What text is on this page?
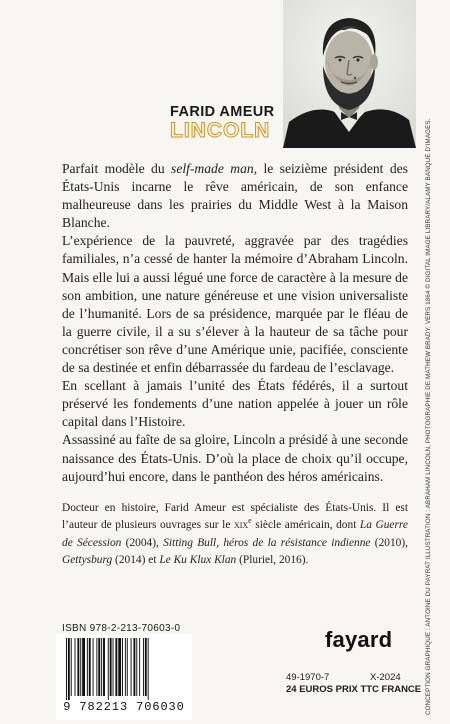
FARID AMEUR
LINCOLN

Parfait modèle du self-made man, le seizième président des États-Unis incarne le rêve américain, de son enfance malheureuse dans les prairies du Middle West à la Maison Blanche.

L’expérience de la pauvreté, aggravée par des tragédies familiales, n’a cessé de hanter la mémoire d’Abraham Lincoln. Mais elle lui a aussi légué une force de caractère à la mesure de son ambition, une nature généreuse et une vision universaliste de l’humanité. Lors de sa présidence, marquée par le fléau de la guerre civile, il a su s’élever à la hauteur de sa tâche pour concrétiser son rêve d’une Amérique unie, pacifiée, consciente de sa destinée et enfin débarrassée du fardeau de l’esclavage.

En scellant à jamais l’unité des États fédérés, il a surtout préservé les fondements d’une nation appelée à jouer un rôle capital dans l’Histoire.

Assassiné au faîte de sa gloire, Lincoln a présidé à une seconde naissance des États-Unis. D’où la place de choix qu’il occupe, aujourd’hui encore, dans le panthéon des héros américains.

Docteur en histoire, Farid Ameur est spécialiste des États-Unis. Il est l’auteur de plusieurs ouvrages sur le xix$^e$ siècle américain, dont La Guerre de Sécession (2004), Sitting Bull, héros de la résistance indienne (2010), Gettysburg (2014) et Le Ku Klux Klan (Pluriel, 2016).

ISBN 978-2-213-70603-0
9 782213 706030
fayard
49-1970-7	X-2024
24 EUROS PRIX TTC FRANCE CONCEPTION GRAPHIQUE : ANTOINE DU PAYRAT ILLUSTRATION : ABRAHAM LINCOLN, PHOTOGRAPHIE DE MATHEW BRADY, VERS 1864 © DIGITAL IMAGE LIBRARY/ALAMY BANQUE D’IMAGES.
